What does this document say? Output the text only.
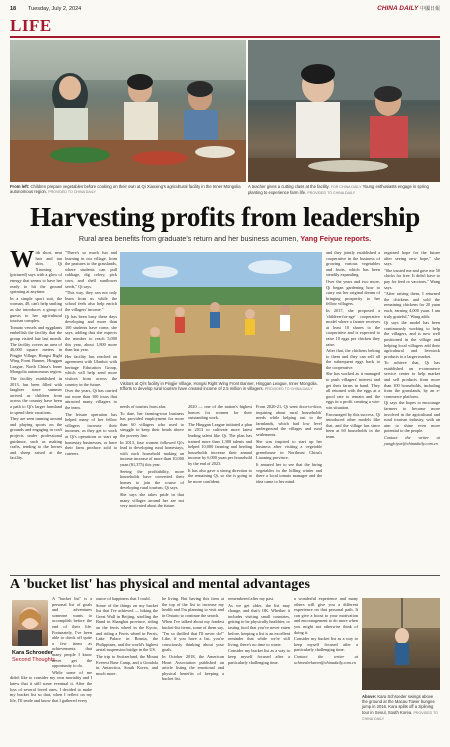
18 Tuesday, July 2, 2024	CHINA DAILY 中國日報
LIFE
From left: Children prepare vegetables before cooking on their own at Qi Xiaoxing's agricultural facility in the Inner Mongolia autonomous region. PROVIDED TO CHINA DAILY
A teacher gives a cutting class at the facility. FOR CHINA DAILY Young enthusiasts engage in spring planting to experience farm life. PROVIDED TO CHINA DAILY
Harvesting profits from leadership
Rural area benefits from graduate's return and her business acumen, Yang Feiyue reports.

With short, neat hair and tan skin, Qi Xiaoxing (pictured) says with a glow of energy that seems to have her ready to hit the ground sprinting at anytime.

In a simple sport suit, the woman, 40, can't help smiling as she introduces a group of guests to her agricultural tourism complex.

Tomato vessels and eggplants embellish the facility that the group visited late last month. The facility covers an area of 46,000 square meters in Pingjie Village, Hongsi Right Wing Front Banner, Hinggan League, North China's Inner Mongolia autonomous region.

The facility established in 2013, has been filled with laughter since summer arrived as children from across the country have been a path to Qi's larger farmland to spend their vacations.

They are seen running around and playing sports on the grounds and engaging in craft projects under professional guidance, such as making crafts, tending to the horses and sheep raised at the facility.

"There's so much fun and learning in our village, from the pastures to the grasslands, where students can pull cabbage, dig celery, pick corn, and shell sunflower seeds," Qi says.

"This way, they can not only learn from us while the school feels also help enrich the villagers' income."

Qi has been busy these days developing and more than 100 students have come, she says, adding that she expects the number to reach 5,000 this year, about 1,800 more than last year.

Her facility has reached an agreement with Ulanhot with heritage Education Group, which will help send more visitors from across the country in the future.

Over the years, Qi has carried out more than 100 tours that attracted many villagers to the team.

The leisure operation has helped many of her fellow villagers increase their incomes, as they get to work at Qi's operations or start up homestay businesses, or have their farm produce sold to caterers.

Visitors at Qi's facility in Pingjie Village, Hongsi Right Wing Front Banner, Hinggan League, Inner Mongolia. Efforts to develop rural tourism have created income of 2.5 million in villagers. PROVIDED TO CHINA DAILY

needs of tourists from afar.

To date, her farming-tour business has provided employment for more than 60 villagers who used to struggle to keep their heads above the poverty line.

In 2013, four women followed Qi's lead to developing rural homestays, with each household making an income increase of more than 10,000 yuan ($1,375) this year.

Seeing the profitability, more households have converted their homes to join the course of developing rural tourism, Qi says.

She says she takes pride in that many villages around her are not very motivated about the future.

2020 — one of the nation's highest honors for women for their outstanding work.

The Hinggan League initiated a plan in 2013 to cultivate more latest leading talent like Qi. The plan has trained more than 1,300 talents and helped 10,000 farming and herding households increase their annual income by 6,000 yuan per household by the end of 2023.

It has also gave a strong direction to the remaining Qi, so she is going to be more confident.

From 2020-21, Qi went door-to-door, inquiring about rural households' needs while helping out to the farmlands, which had low level underground the villages and rural settlements.

She was inspired to start up her business after visiting a vegetable greenhouse in Northeast China's Liaoning province.

It amazed her to see that the hiring vegetables in the hilling winter and there a local tomato manager and the idea came to her mind.

and they jointly established a cooperative in the business of growing various vegetables and fruits, which has been steadily expanding.

Over the years and two more, Qi began gardening how to carry out her original dream of bringing prosperity to her fellow villagers.

In 2017, she proposed a 'children-for-age' cooperative model where a farmer receives at least 10 shares to the cooperative and is expected to raise 10 eggs per chicken they raise.

After that, the chickens belong to them and they can sell all the subsequent eggs back to the cooperative.

She has worked as it managed to push villagers' interest and get their farms in hand. They all returned with the eggs at a good rate to remain and the eggs in a profit creating a win-win situation.

Encouraged by this success, Qi introduced other models like that, and the village has since been at 60 households in the team.

regained hope for the future after seeing new hope," she says.

"She trusted me and gave me 50 chicks for free. It didn't have to pay for feed or vaccines," Wang says.

"After raising them, I returned the chickens and sold the remaining chickens for 20 yuan each, earning 4,000 yuan. I am truly grateful," Wang adds.

Qi says the model has been continuously working to help the villagers, and is now well positioned in the village and helping local villagers add their agricultural and livestock products to a larger market.

To achieve that, Qi has established an e-commerce service center to help market and sell products from more than 100 households, including from the grasslands, by an e-commerce platform.

Qi says she hopes to encourage farmers to become more involved in the agricultural and rural tourism industry, with an aim to shine even more potential to the people.

Contact the writer at yangfeiyue@chinadaily.com.cn

A 'bucket list' has physical and mental advantages

A "bucket list" is a personal list of goals and adventures someone wants to accomplish before the end of their life. Fortunately, I've been able to check off quite a few items as achievements that many people I know never get the opportunity to do.

While some of me didn't like to consider my own mortality and I knew that it still some eventual it. After the loss of several loved ones, I decided to make my bucket list so that, when I reflect on my life, I'll smile and know that I gathered every

Kara Schroeder
Second Thoughts

ounce of happiness that I could.

Some of the things on my bucket list that I've achieved — hiking the Great Wall in Beijing, strolling the Bund in Shanghai province, riding on the ferris wheel in the Kyoto, and riding a Ferris wheel in Ferris, Lake Palace in Bosnia, the Philippines, and the world's highest aerial suspension bridge in the US.

The trip to Switzerland, the Mount Everest Base Camp, and a Gondola in Antarctica, South Korea, and much more.

be living. But having this item at the top of the list to increase my health and I'm planning to visit and in Ontario to continue the search.

When I've talked about my fondest bucket-list items, some of them say, "I'm so thrilled that I'll never do!" Like, if you have a list, you're consciously thinking about your goals.

In October 2018, the American Heart Association published an article listing the emotional and physical benefits of keeping a bucket list.

remembered after my past.

As we get older, the list may change, and that's OK. Whether it includes visiting small countries, getting to be physically healthier, or tasting food that you've never eaten before, keeping a list is an excellent reminder that while we're still living, there's no time to waste.

Consider my bucket list as a way to keep myself focused after a particularly challenging time.

a wonderful experience and many others will give you a different experience on that personal path. It can give a boost to your motivation and encouragement to do more when you might not otherwise think of doing it.

Consider my bucket list as a way to keep myself focused after a particularly challenging time.

Contact the writer at schroederkaren@chinadaily.com.cn

Above: Kara Schroeder swings above the ground at the Macau Tower bungee jump in 2016. Kara splits off a ziplining tour in Seoul, South Korea. PROVIDED TO CHINA DAILY
